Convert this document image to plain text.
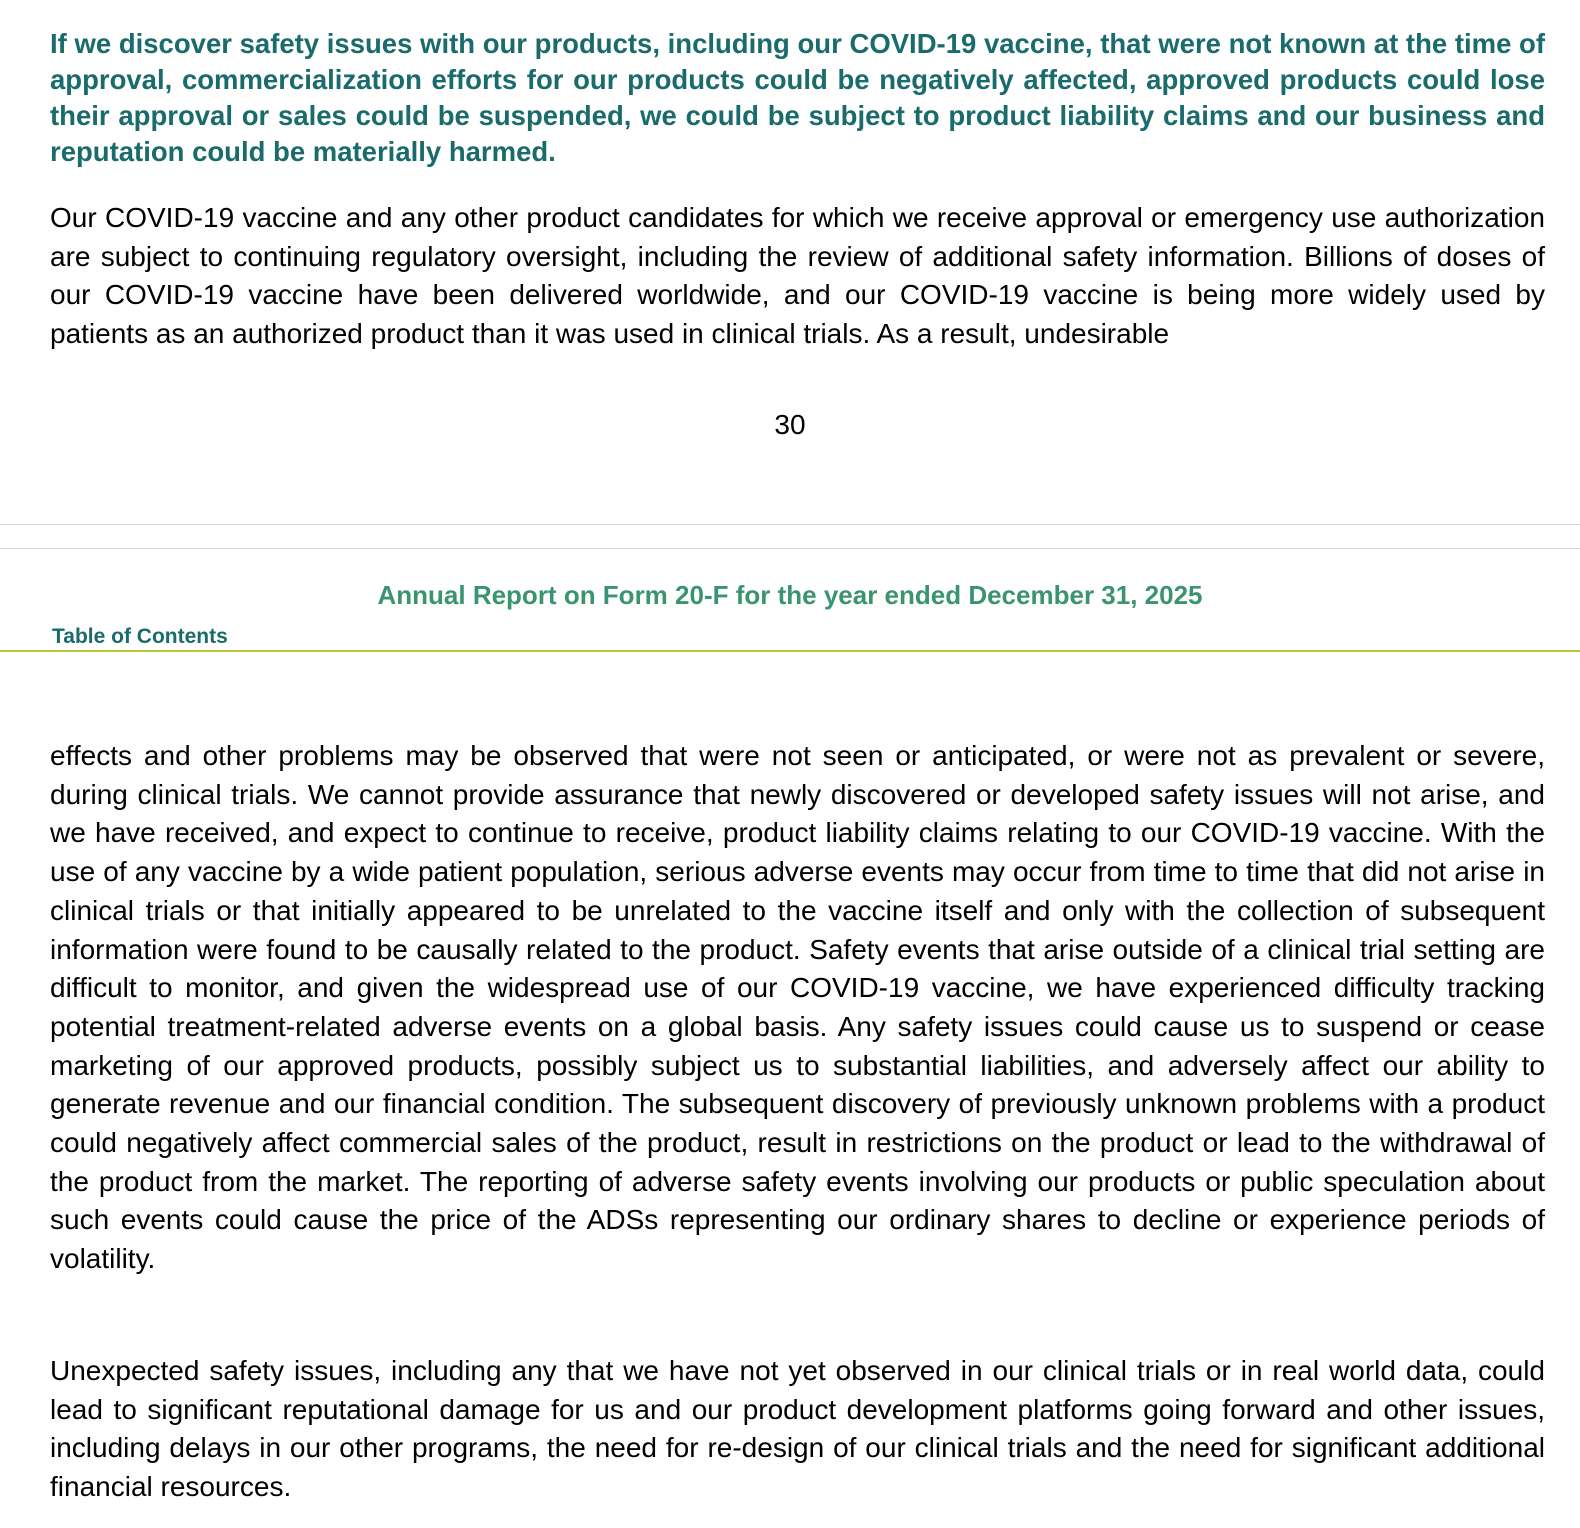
If we discover safety issues with our products, including our COVID-19 vaccine, that were not known at the time of approval, commercialization efforts for our products could be negatively affected, approved products could lose their approval or sales could be suspended, we could be subject to product liability claims and our business and reputation could be materially harmed.

Our COVID-19 vaccine and any other product candidates for which we receive approval or emergency use authorization are subject to continuing regulatory oversight, including the review of additional safety information. Billions of doses of our COVID-19 vaccine have been delivered worldwide, and our COVID-19 vaccine is being more widely used by patients as an authorized product than it was used in clinical trials. As a result, undesirable

30
Annual Report on Form 20-F for the year ended December 31, 2025
Table of Contents

effects and other problems may be observed that were not seen or anticipated, or were not as prevalent or severe, during clinical trials. We cannot provide assurance that newly discovered or developed safety issues will not arise, and we have received, and expect to continue to receive, product liability claims relating to our COVID-19 vaccine. With the use of any vaccine by a wide patient population, serious adverse events may occur from time to time that did not arise in clinical trials or that initially appeared to be unrelated to the vaccine itself and only with the collection of subsequent information were found to be causally related to the product. Safety events that arise outside of a clinical trial setting are difficult to monitor, and given the widespread use of our COVID-19 vaccine, we have experienced difficulty tracking potential treatment-related adverse events on a global basis. Any safety issues could cause us to suspend or cease marketing of our approved products, possibly subject us to substantial liabilities, and adversely affect our ability to generate revenue and our financial condition. The subsequent discovery of previously unknown problems with a product could negatively affect commercial sales of the product, result in restrictions on the product or lead to the withdrawal of the product from the market. The reporting of adverse safety events involving our products or public speculation about such events could cause the price of the ADSs representing our ordinary shares to decline or experience periods of volatility.

Unexpected safety issues, including any that we have not yet observed in our clinical trials or in real world data, could lead to significant reputational damage for us and our product development platforms going forward and other issues, including delays in our other programs, the need for re-design of our clinical trials and the need for significant additional financial resources.
